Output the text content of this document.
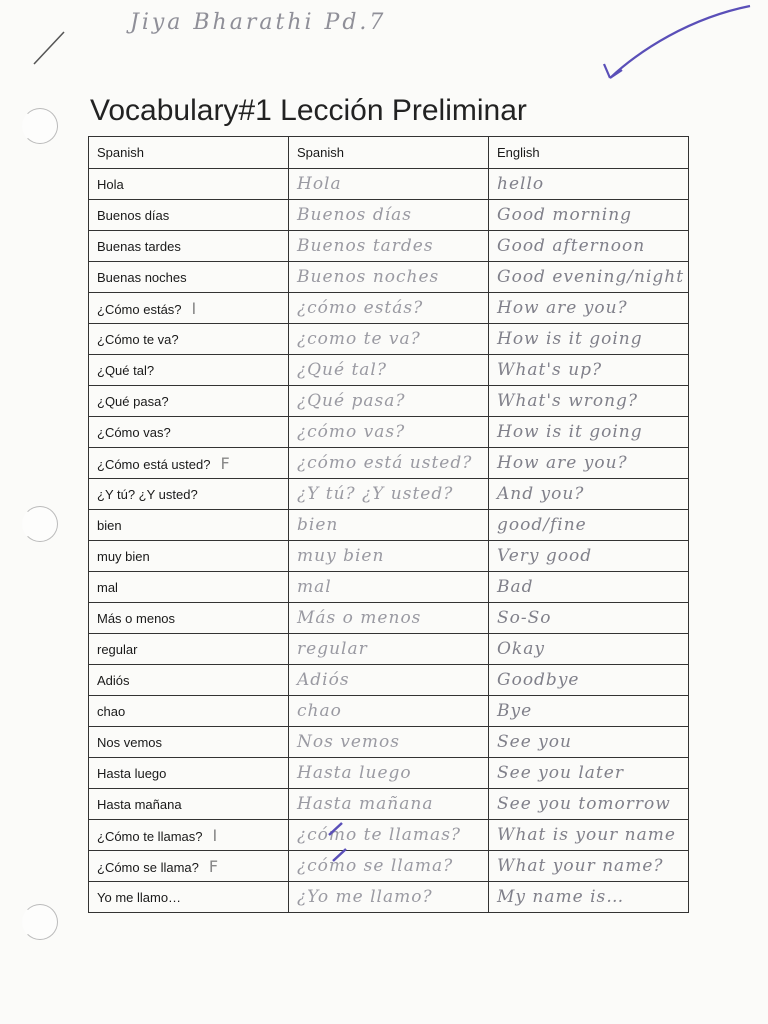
Jiya Bharathi Pd.7
Vocabulary#1 Lección Preliminar
Spanish	Spanish	English
Hola	Hola	hello
Buenos días	Buenos días	Good morning
Buenas tardes	Buenos tardes	Good afternoon
Buenas noches	Buenos noches	Good evening/night
¿Cómo estás? I	¿cómo estás?	How are you?
¿Cómo te va?	¿como te va?	How is it going
¿Qué tal?	¿Qué tal?	What's up?
¿Qué pasa?	¿Qué pasa?	What's wrong?
¿Cómo vas?	¿cómo vas?	How is it going
¿Cómo está usted? F	¿cómo está usted?	How are you?
¿Y tú? ¿Y usted?	¿Y tú? ¿Y usted?	And you?
bien	bien	good/fine
muy bien	muy bien	Very good
mal	mal	Bad
Más o menos	Más o menos	So-So
regular	regular	Okay
Adiós	Adiós	Goodbye
chao	chao	Bye
Nos vemos	Nos vemos	See you
Hasta luego	Hasta luego	See you later
Hasta mañana	Hasta mañana	See you tomorrow
¿Cómo te llamas? I	¿cómo te llamas?	What is your name
¿Cómo se llama? F	¿cómo se llama?	What your name?
Yo me llamo…	¿Yo me llamo?	My name is…
